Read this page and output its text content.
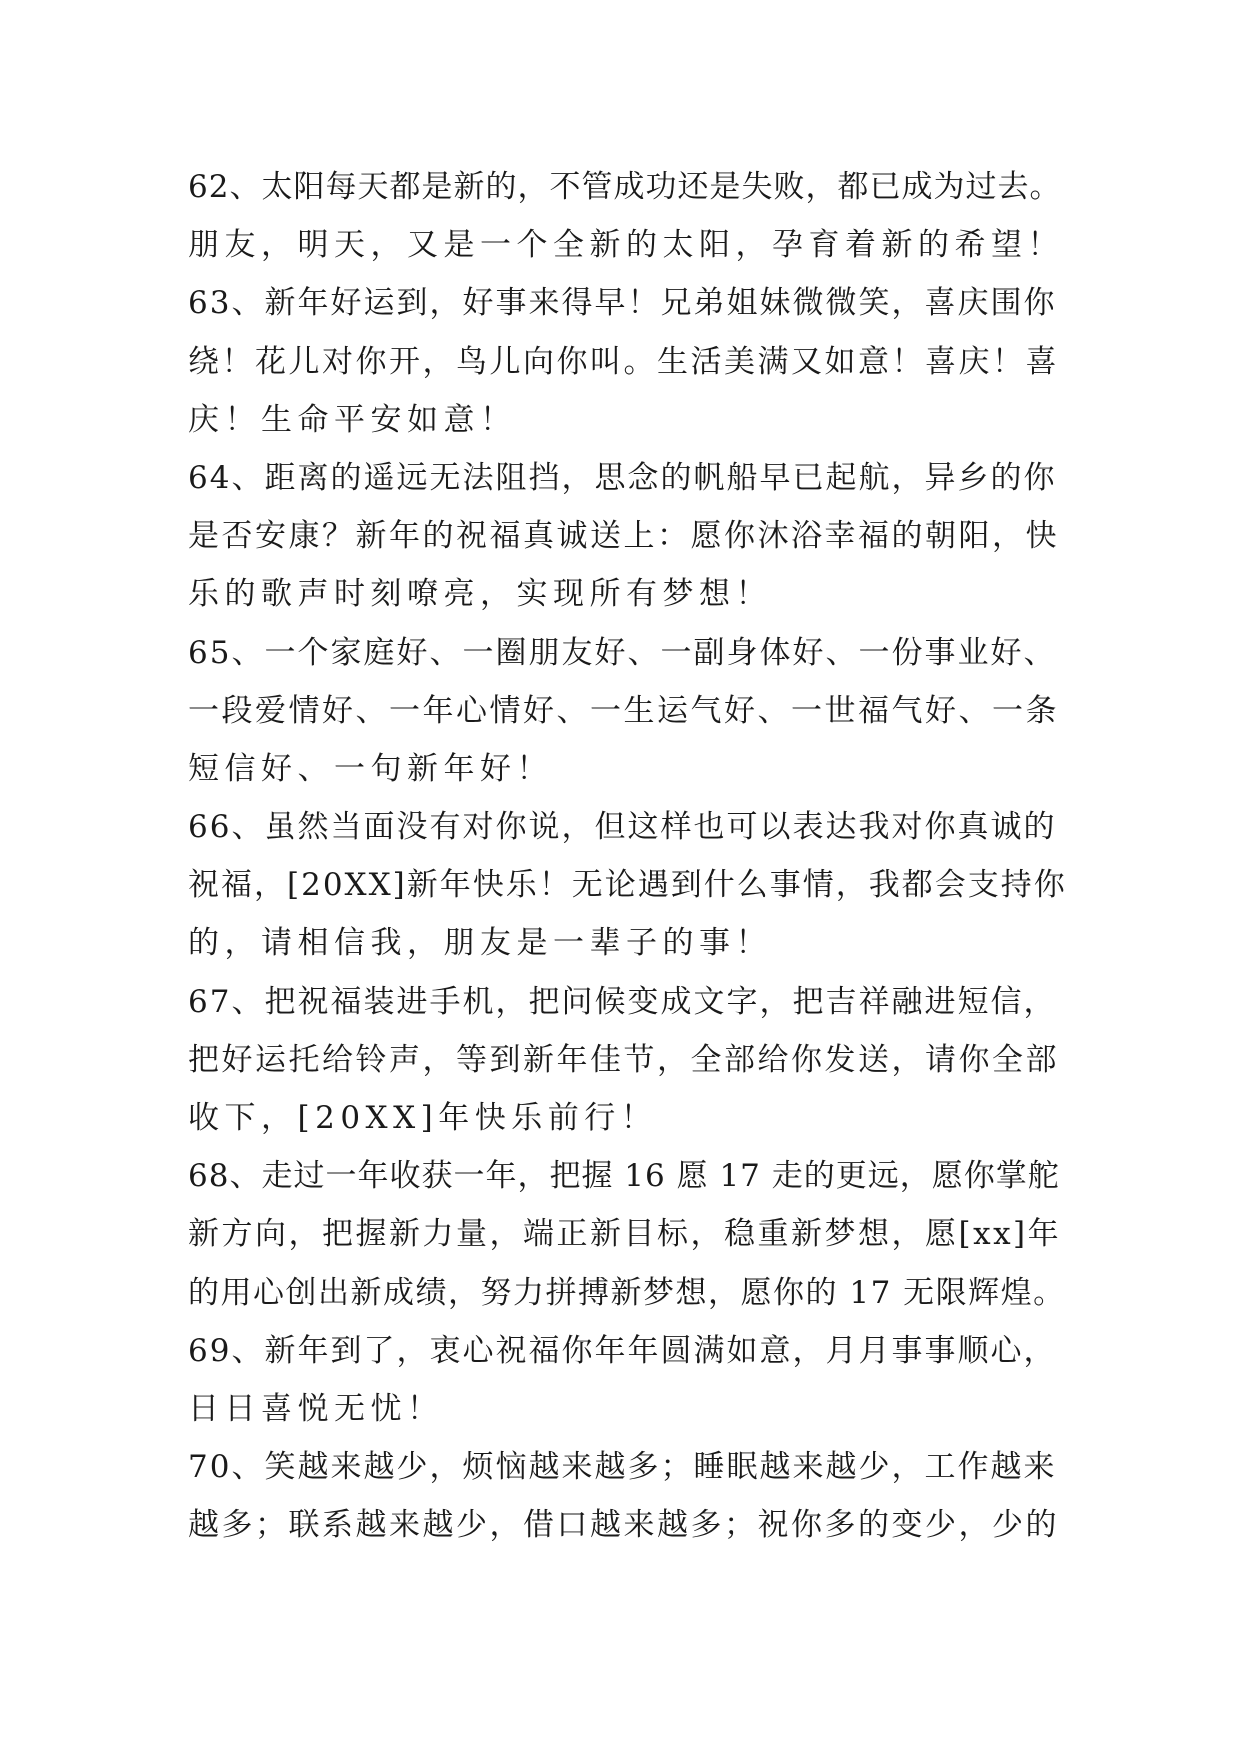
62、太阳每天都是新的，不管成功还是失败，都已成为过去。
朋友，明天，又是一个全新的太阳，孕育着新的希望！
63、新年好运到，好事来得早！兄弟姐妹微微笑，喜庆围你
绕！花儿对你开，鸟儿向你叫。生活美满又如意！喜庆！喜
庆！生命平安如意！
64、距离的遥远无法阻挡，思念的帆船早已起航，异乡的你
是否安康？新年的祝福真诚送上：愿你沐浴幸福的朝阳，快
乐的歌声时刻嘹亮，实现所有梦想！
65、一个家庭好、一圈朋友好、一副身体好、一份事业好、
一段爱情好、一年心情好、一生运气好、一世福气好、一条
短信好、一句新年好！
66、虽然当面没有对你说，但这样也可以表达我对你真诚的
祝福，[20XX]新年快乐！无论遇到什么事情，我都会支持你
的，请相信我，朋友是一辈子的事！
67、把祝福装进手机，把问候变成文字，把吉祥融进短信，
把好运托给铃声，等到新年佳节，全部给你发送，请你全部
收下，[20XX]年快乐前行！
68、走过一年收获一年，把握 16 愿 17 走的更远，愿你掌舵
新方向，把握新力量，端正新目标，稳重新梦想，愿[xx]年
的用心创出新成绩，努力拼搏新梦想，愿你的 17 无限辉煌。
69、新年到了，衷心祝福你年年圆满如意，月月事事顺心，
日日喜悦无忧！
70、笑越来越少，烦恼越来越多；睡眠越来越少，工作越来
越多；联系越来越少，借口越来越多；祝你多的变少，少的
